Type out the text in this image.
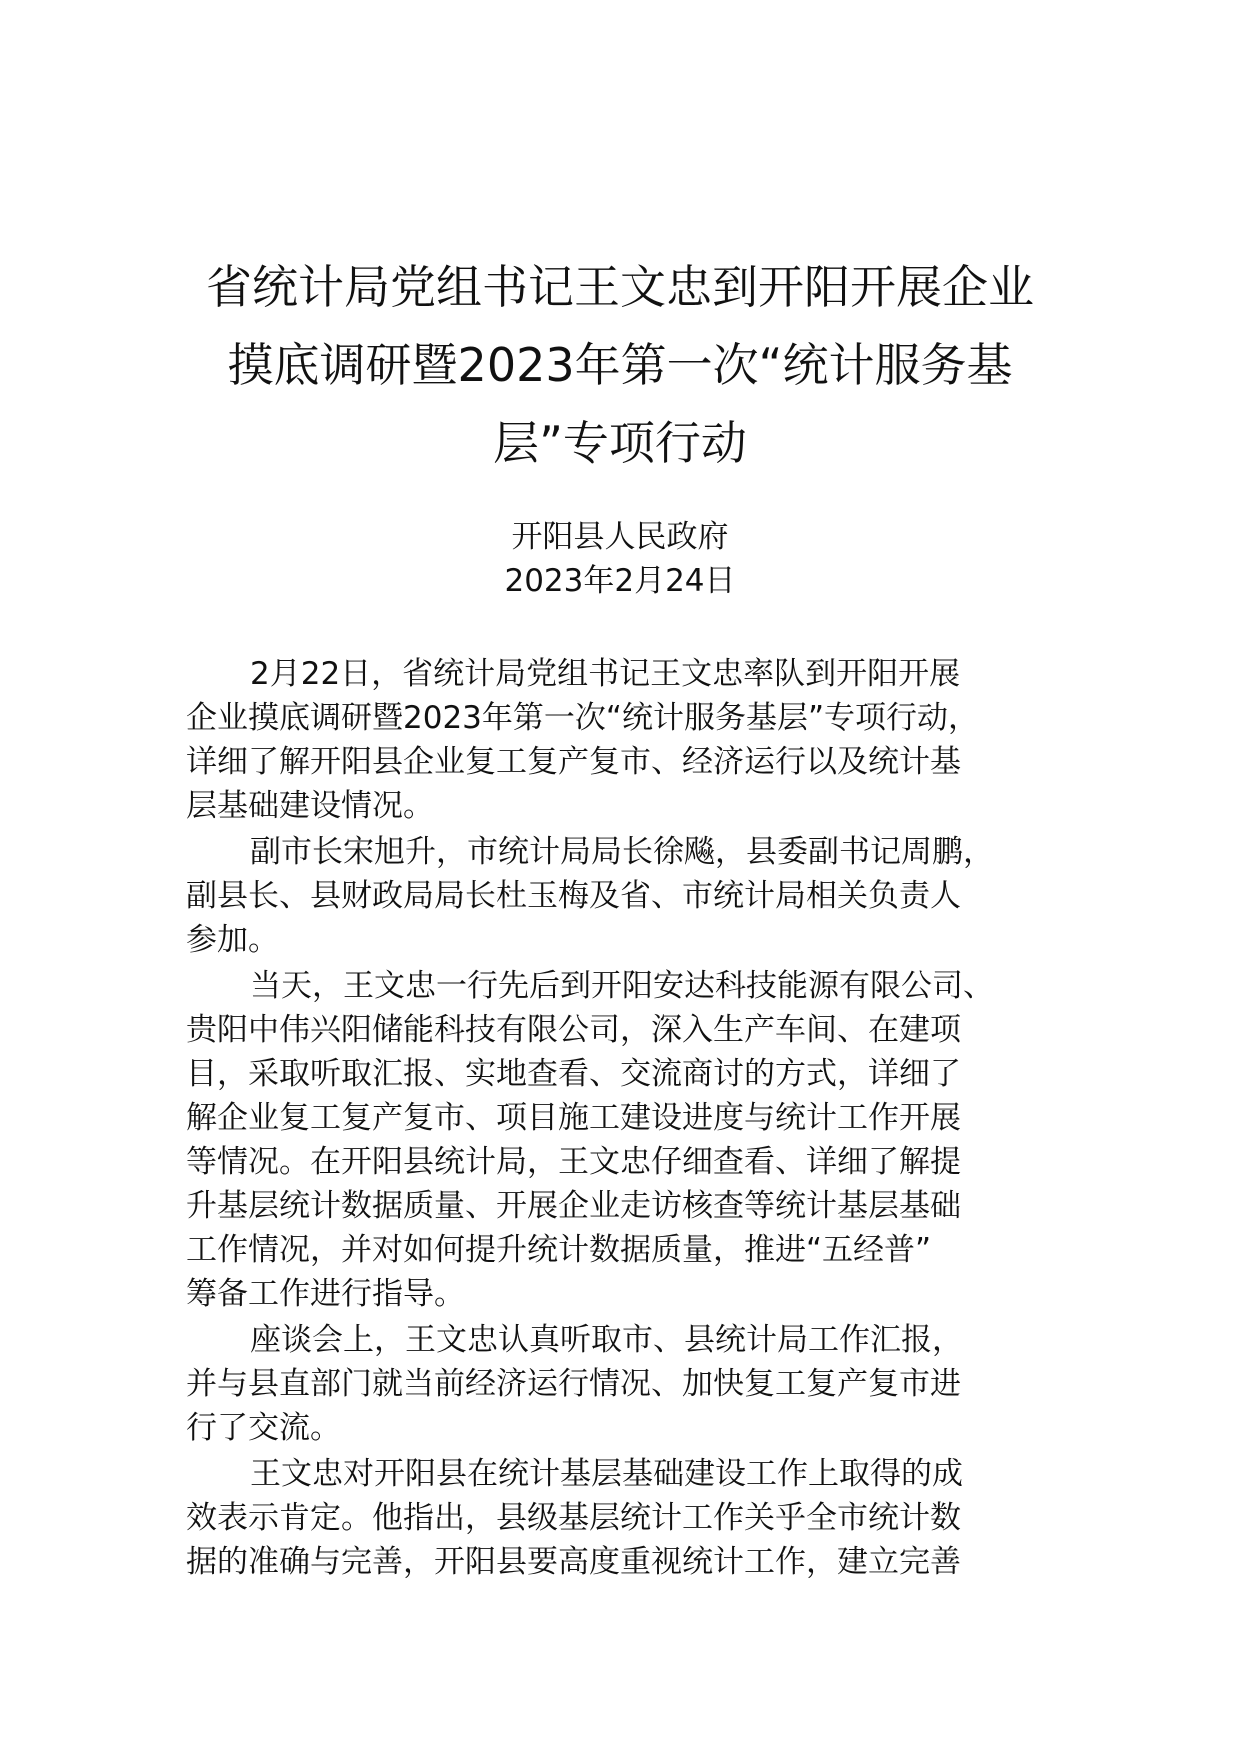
省统计局党组书记王文忠到开阳开展企业
摸底调研暨2023年第一次“统计服务基
层”专项行动

开阳县人民政府

2023年2月24日

2月22日，省统计局党组书记王文忠率队到开阳开展
企业摸底调研暨2023年第一次“统计服务基层”专项行动，
详细了解开阳县企业复工复产复市、经济运行以及统计基
层基础建设情况。

副市长宋旭升，市统计局局长徐飚，县委副书记周鹏，
副县长、县财政局局长杜玉梅及省、市统计局相关负责人
参加。

当天，王文忠一行先后到开阳安达科技能源有限公司、
贵阳中伟兴阳储能科技有限公司，深入生产车间、在建项
目，采取听取汇报、实地查看、交流商讨的方式，详细了
解企业复工复产复市、项目施工建设进度与统计工作开展
等情况。在开阳县统计局，王文忠仔细查看、详细了解提
升基层统计数据质量、开展企业走访核查等统计基层基础
工作情况，并对如何提升统计数据质量，推进“五经普”
筹备工作进行指导。

座谈会上，王文忠认真听取市、县统计局工作汇报，
并与县直部门就当前经济运行情况、加快复工复产复市进
行了交流。

王文忠对开阳县在统计基层基础建设工作上取得的成
效表示肯定。他指出，县级基层统计工作关乎全市统计数
据的准确与完善，开阳县要高度重视统计工作，建立完善
